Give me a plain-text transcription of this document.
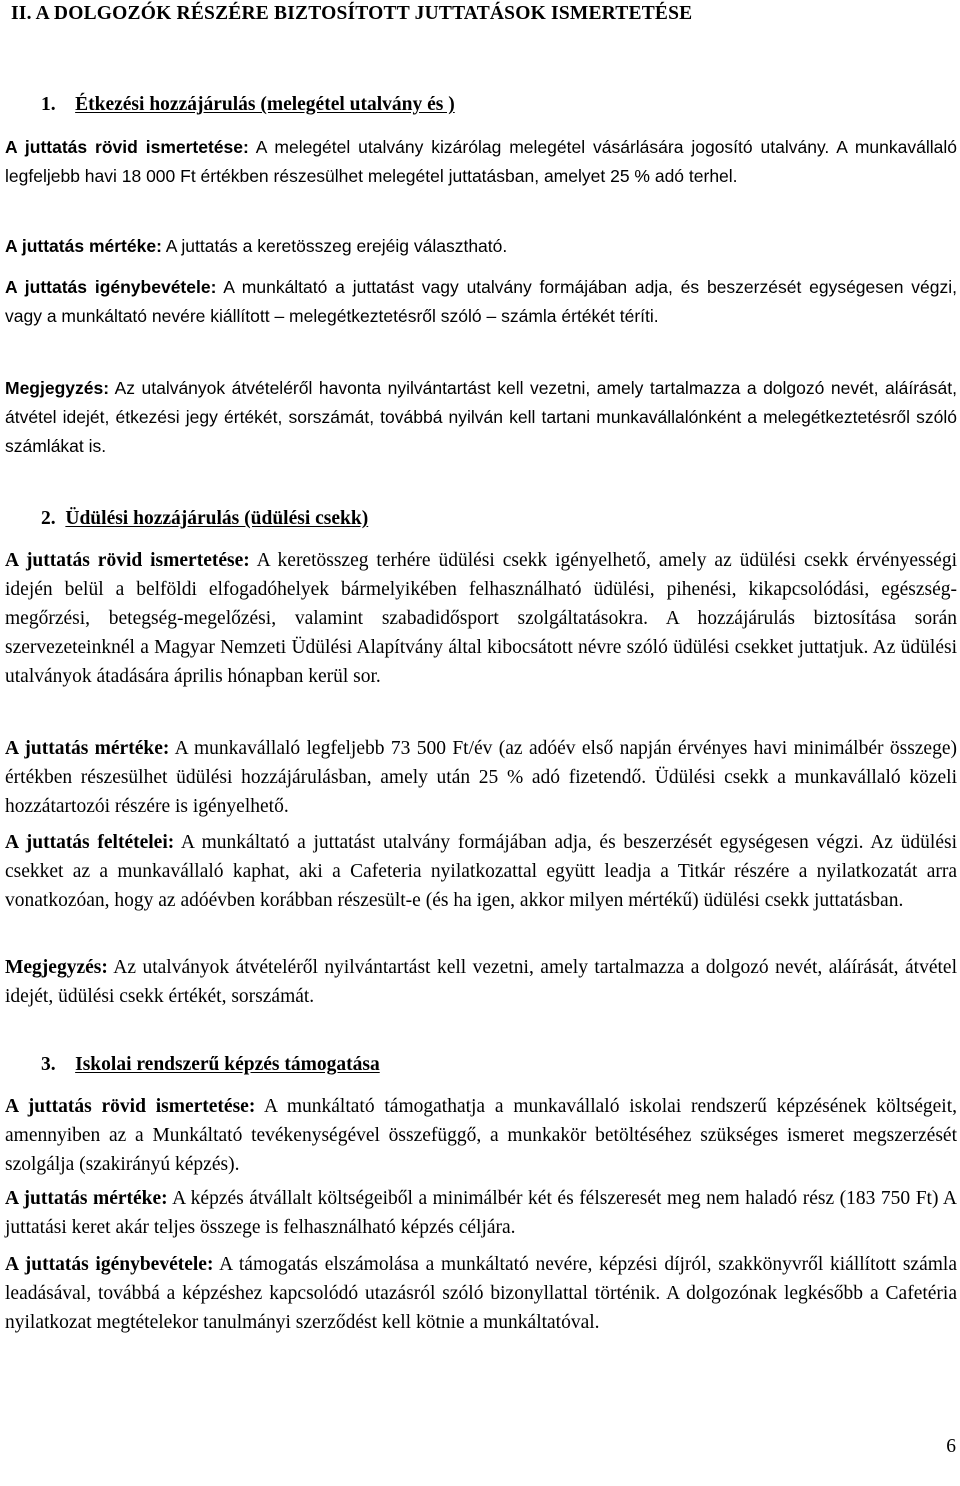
II. A DOLGOZÓK RÉSZÉRE BIZTOSÍTOTT JUTTATÁSOK ISMERTETÉSE
1. Étkezési hozzájárulás (melegétel utalvány és )

A juttatás rövid ismertetése: A melegétel utalvány kizárólag melegétel vásárlására jogosító utalvány. A munkavállaló legfeljebb havi 18 000 Ft értékben részesülhet melegétel juttatásban, amelyet 25 % adó terhel.

A juttatás mértéke: A juttatás a keretösszeg erejéig választható.

A juttatás igénybevétele: A munkáltató a juttatást vagy utalvány formájában adja, és beszerzését egységesen végzi, vagy a munkáltató nevére kiállított – melegétkeztetésről szóló – számla értékét téríti.

Megjegyzés: Az utalványok átvételéről havonta nyilvántartást kell vezetni, amely tartalmazza a dolgozó nevét, aláírását, átvétel idejét, étkezési jegy értékét, sorszámát, továbbá nyilván kell tartani munkavállalónként a melegétkeztetésről szóló számlákat is.

2. Üdülési hozzájárulás (üdülési csekk)

A juttatás rövid ismertetése: A keretösszeg terhére üdülési csekk igényelhető, amely az üdülési csekk érvényességi idején belül a belföldi elfogadóhelyek bármelyikében felhasználható üdülési, pihenési, kikapcsolódási, egészség-megőrzési, betegség-megelőzési, valamint szabadidősport szolgáltatásokra. A hozzájárulás biztosítása során szervezeteinknél a Magyar Nemzeti Üdülési Alapítvány által kibocsátott névre szóló üdülési csekket juttatjuk. Az üdülési utalványok átadására április hónapban kerül sor.

A juttatás mértéke: A munkavállaló legfeljebb 73 500 Ft/év (az adóév első napján érvényes havi minimálbér összege) értékben részesülhet üdülési hozzájárulásban, amely után 25 % adó fizetendő. Üdülési csekk a munkavállaló közeli hozzátartozói részére is igényelhető.

A juttatás feltételei: A munkáltató a juttatást utalvány formájában adja, és beszerzését egységesen végzi. Az üdülési csekket az a munkavállaló kaphat, aki a Cafeteria nyilatkozattal együtt leadja a Titkár részére a nyilatkozatát arra vonatkozóan, hogy az adóévben korábban részesült-e (és ha igen, akkor milyen mértékű) üdülési csekk juttatásban.

Megjegyzés: Az utalványok átvételéről nyilvántartást kell vezetni, amely tartalmazza a dolgozó nevét, aláírását, átvétel idejét, üdülési csekk értékét, sorszámát.

3. Iskolai rendszerű képzés támogatása

A juttatás rövid ismertetése: A munkáltató támogathatja a munkavállaló iskolai rendszerű képzésének költségeit, amennyiben az a Munkáltató tevékenységével összefüggő, a munkakör betöltéséhez szükséges ismeret megszerzését szolgálja (szakirányú képzés).

A juttatás mértéke: A képzés átvállalt költségeiből a minimálbér két és félszeresét meg nem haladó rész (183 750 Ft) A juttatási keret akár teljes összege is felhasználható képzés céljára.

A juttatás igénybevétele: A támogatás elszámolása a munkáltató nevére, képzési díjról, szakkönyvről kiállított számla leadásával, továbbá a képzéshez kapcsolódó utazásról szóló bizonyllattal történik. A dolgozónak legkésőbb a Cafetéria nyilatkozat megtételekor tanulmányi szerződést kell kötnie a munkáltatóval.

6
